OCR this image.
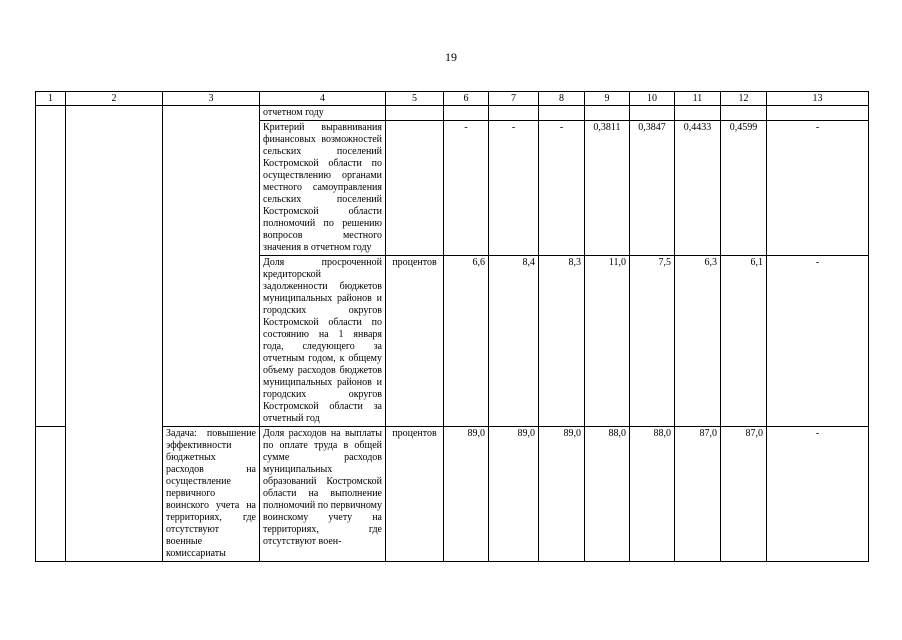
19
1	2	3	4	5	6	7	8	9	10	11	12	13
			отчетном году									
			Критерий выравнивания финансовых возможностей сельских поселений Костромской области по осуществлению органами местного самоуправления сельских поселений Костромской области полномочий по решению вопросов местного значения в отчетном году		-	-	-	0,3811	0,3847	0,4433	0,4599	-
			Доля просроченной кредиторской задолженности бюджетов муниципальных районов и городских округов Костромской области по состоянию на 1 января года, следующего за отчетным годом, к общему объему расходов бюджетов муниципальных районов и городских округов Костромской области за отчетный год	процентов	6,6	8,4	8,3	11,0	7,5	6,3	6,1	-
		Задача: повышение эффективности бюджетных расходов на осуществление первичного воинского учета на территориях, где отсутствуют военные комиссариаты	Доля расходов на выплаты по оплате труда в общей сумме расходов муниципальных образований Костромской области на выполнение полномочий по первичному воинскому учету на территориях, где отсутствуют воен-	процентов	89,0	89,0	89,0	88,0	88,0	87,0	87,0	-
